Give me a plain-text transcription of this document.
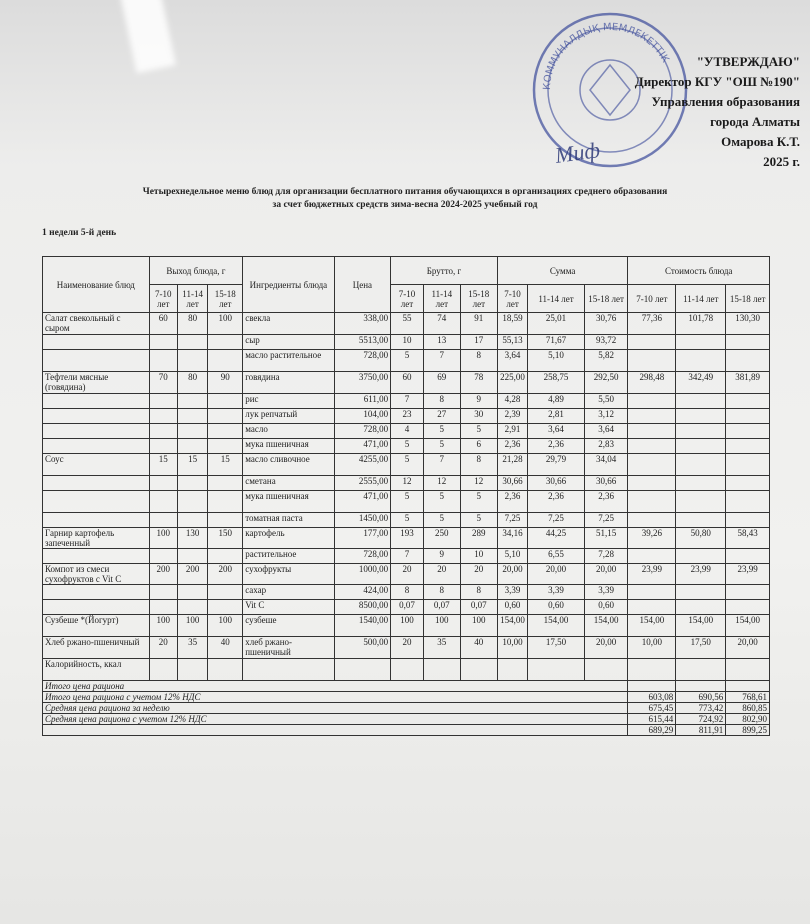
КОММУНАЛДЫҚ МЕМЛЕКЕТТІК
Миф
"УТВЕРЖДАЮ"
Директор КГУ "ОШ №190"
Управления образования
города Алматы
Омарова К.Т.
2025 г.
Четырехнедельное меню блюд для организации бесплатного питания обучающихся в организациях среднего образования
за счет бюджетных средств зима-весна 2024-2025 учебный год
1 недели 5-й день
Наименование блюд	Выход блюда, г			Ингредиенты блюда	Цена	Брутто, г			Сумма			Стоимость блюда		
	7-10 лет	11-14 лет	15-18 лет			7-10 лет	11-14 лет	15-18 лет	7-10 лет	11-14 лет	15-18 лет	7-10 лет	11-14 лет	15-18 лет
Салат свекольный с сыром	60	80	100	свекла	338,00	55	74	91	18,59	25,01	30,76	77,36	101,78	130,30
				сыр	5513,00	10	13	17	55,13	71,67	93,72			
				масло растительное	728,00	5	7	8	3,64	5,10	5,82			
Тефтели мясные (говядина)	70	80	90	говядина	3750,00	60	69	78	225,00	258,75	292,50	298,48	342,49	381,89
				рис	611,00	7	8	9	4,28	4,89	5,50			
				лук репчатый	104,00	23	27	30	2,39	2,81	3,12			
				масло	728,00	4	5	5	2,91	3,64	3,64			
				мука пшеничная	471,00	5	5	6	2,36	2,36	2,83			
Соус	15	15	15	масло сливочное	4255,00	5	7	8	21,28	29,79	34,04			
				сметана	2555,00	12	12	12	30,66	30,66	30,66			
				мука пшеничная	471,00	5	5	5	2,36	2,36	2,36			
				томатная паста	1450,00	5	5	5	7,25	7,25	7,25			
Гарнир картофель запеченный	100	130	150	картофель	177,00	193	250	289	34,16	44,25	51,15	39,26	50,80	58,43
				растительное	728,00	7	9	10	5,10	6,55	7,28			
Компот из смеси сухофруктов с Vit C	200	200	200	сухофрукты	1000,00	20	20	20	20,00	20,00	20,00	23,99	23,99	23,99
				сахар	424,00	8	8	8	3,39	3,39	3,39			
				Vit C	8500,00	0,07	0,07	0,07	0,60	0,60	0,60			
Сузбеше *(Йогурт)	100	100	100	сузбеше	1540,00	100	100	100	154,00	154,00	154,00	154,00	154,00	154,00
Хлеб ржано-пшеничный	20	35	40	хлеб ржано-пшеничный	500,00	20	35	40	10,00	17,50	20,00	10,00	17,50	20,00
Калорийность, ккал														
Итого цена рациона														
Итого цена рациона с учетом 12% НДС												603,08	690,56	768,61
Средняя цена рациона за неделю												675,45	773,42	860,85
Средняя цена рациона с учетом 12% НДС												615,44	724,92	802,90
												689,29	811,91	899,25
